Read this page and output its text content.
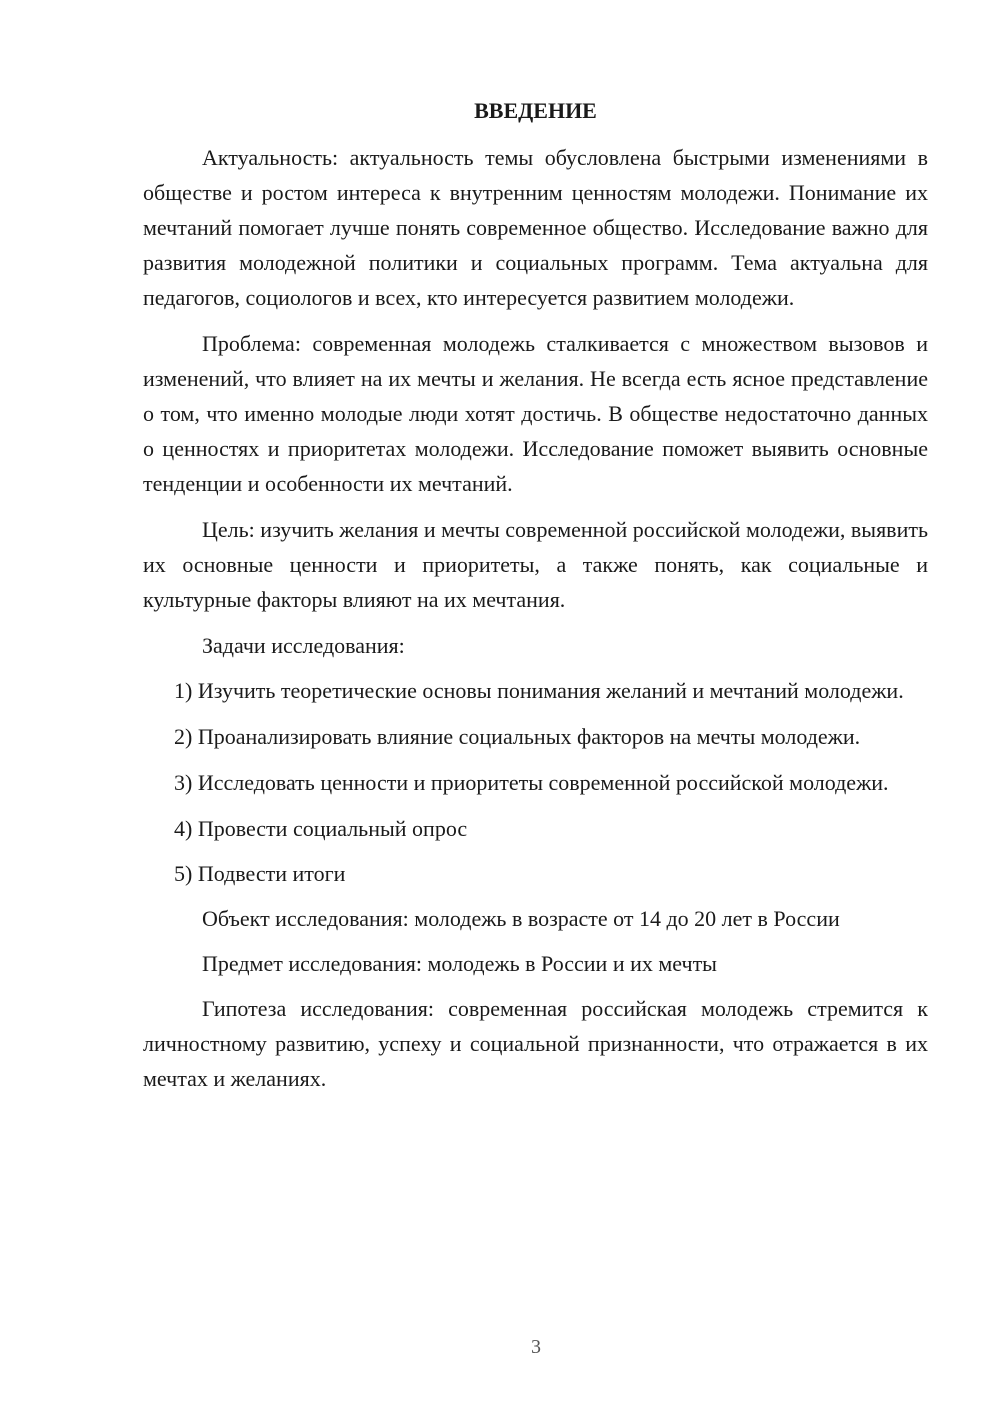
ВВЕДЕНИЕ

Актуальность: актуальность темы обусловлена быстрыми изменениями в обществе и ростом интереса к внутренним ценностям молодежи. Понимание их мечтаний помогает лучше понять современное общество. Исследование важно для развития молодежной политики и социальных программ. Тема актуальна для педагогов, социологов и всех, кто интересуется развитием молодежи.

Проблема: современная молодежь сталкивается с множеством вызовов и изменений, что влияет на их мечты и желания. Не всегда есть ясное представление о том, что именно молодые люди хотят достичь. В обществе недостаточно данных о ценностях и приоритетах молодежи. Исследование поможет выявить основные тенденции и особенности их мечтаний.

Цель: изучить желания и мечты современной российской молодежи, выявить их основные ценности и приоритеты, а также понять, как социальные и культурные факторы влияют на их мечтания.

Задачи исследования:

1) Изучить теоретические основы понимания желаний и мечтаний молодежи.

2) Проанализировать влияние социальных факторов на мечты молодежи.

3) Исследовать ценности и приоритеты современной российской молодежи.

4) Провести социальный опрос

5) Подвести итоги

Объект исследования: молодежь в возрасте от 14 до 20 лет в России

Предмет исследования: молодежь в России и их мечты

Гипотеза исследования: современная российская молодежь стремится к личностному развитию, успеху и социальной признанности, что отражается в их мечтах и желаниях.

3
